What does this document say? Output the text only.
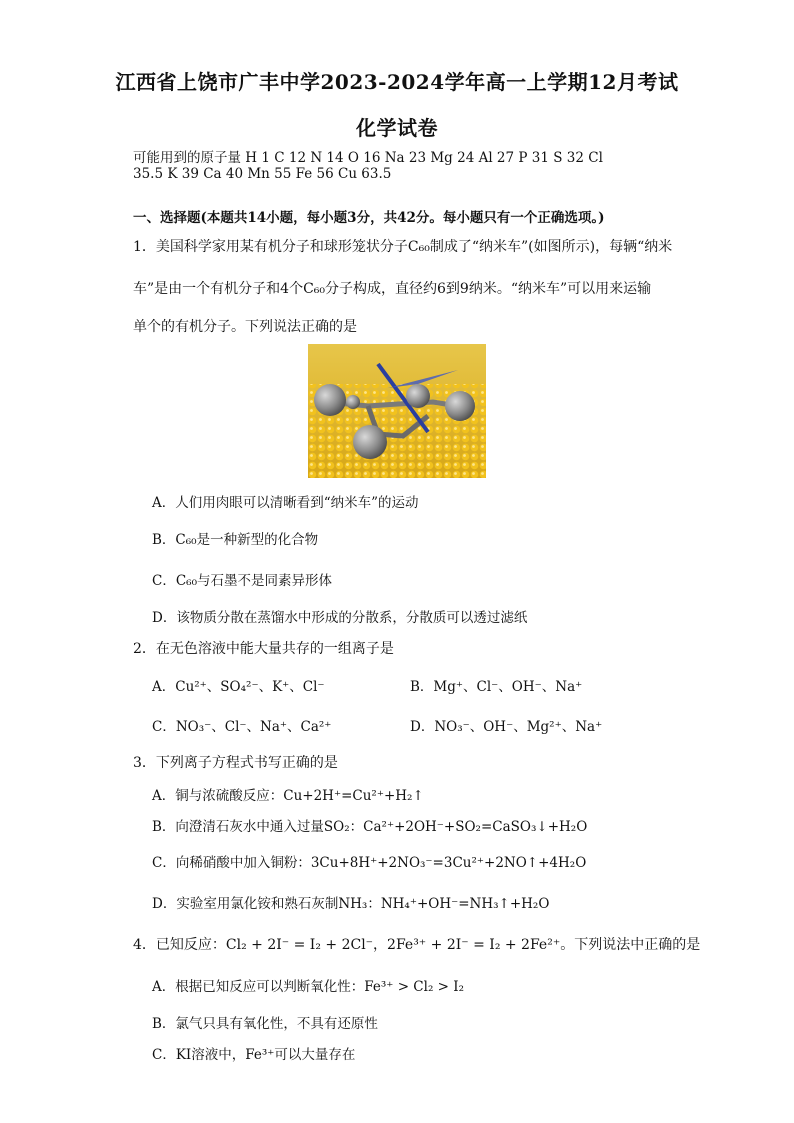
江西省上饶市广丰中学2023-2024学年高一上学期12月考试
化学试卷
可能用到的原子量 H 1 C 12 N 14 O 16 Na 23 Mg 24 Al 27 P 31 S 32 Cl
35.5 K 39 Ca 40 Mn 55 Fe 56 Cu 63.5
一、选择题(本题共14小题，每小题3分，共42分。每小题只有一个正确选项。)
1．美国科学家用某有机分子和球形笼状分子C₆₀制成了“纳米车”(如图所示)，每辆“纳米
车”是由一个有机分子和4个C₆₀分子构成，直径约6到9纳米。“纳米车”可以用来运输
单个的有机分子。下列说法正确的是
A．人们用肉眼可以清晰看到“纳米车”的运动
B．C₆₀是一种新型的化合物
C．C₆₀与石墨不是同素异形体
D．该物质分散在蒸馏水中形成的分散系，分散质可以透过滤纸
2．在无色溶液中能大量共存的一组离子是
A．Cu²⁺、SO₄²⁻、K⁺、Cl⁻	B．Mg⁺、Cl⁻、OH⁻、Na⁺
C．NO₃⁻、Cl⁻、Na⁺、Ca²⁺	D．NO₃⁻、OH⁻、Mg²⁺、Na⁺
3．下列离子方程式书写正确的是
A．铜与浓硫酸反应：Cu+2H⁺=Cu²⁺+H₂↑
B．向澄清石灰水中通入过量SO₂：Ca²⁺+2OH⁻+SO₂=CaSO₃↓+H₂O
C．向稀硝酸中加入铜粉：3Cu+8H⁺+2NO₃⁻=3Cu²⁺+2NO↑+4H₂O
D．实验室用氯化铵和熟石灰制NH₃：NH₄⁺+OH⁻=NH₃↑+H₂O
4．已知反应：Cl₂ + 2I⁻ = I₂ + 2Cl⁻，2Fe³⁺ + 2I⁻ = I₂ + 2Fe²⁺。下列说法中正确的是
A．根据已知反应可以判断氧化性：Fe³⁺ > Cl₂ > I₂
B．氯气只具有氧化性，不具有还原性
C．KI溶液中，Fe³⁺可以大量存在
